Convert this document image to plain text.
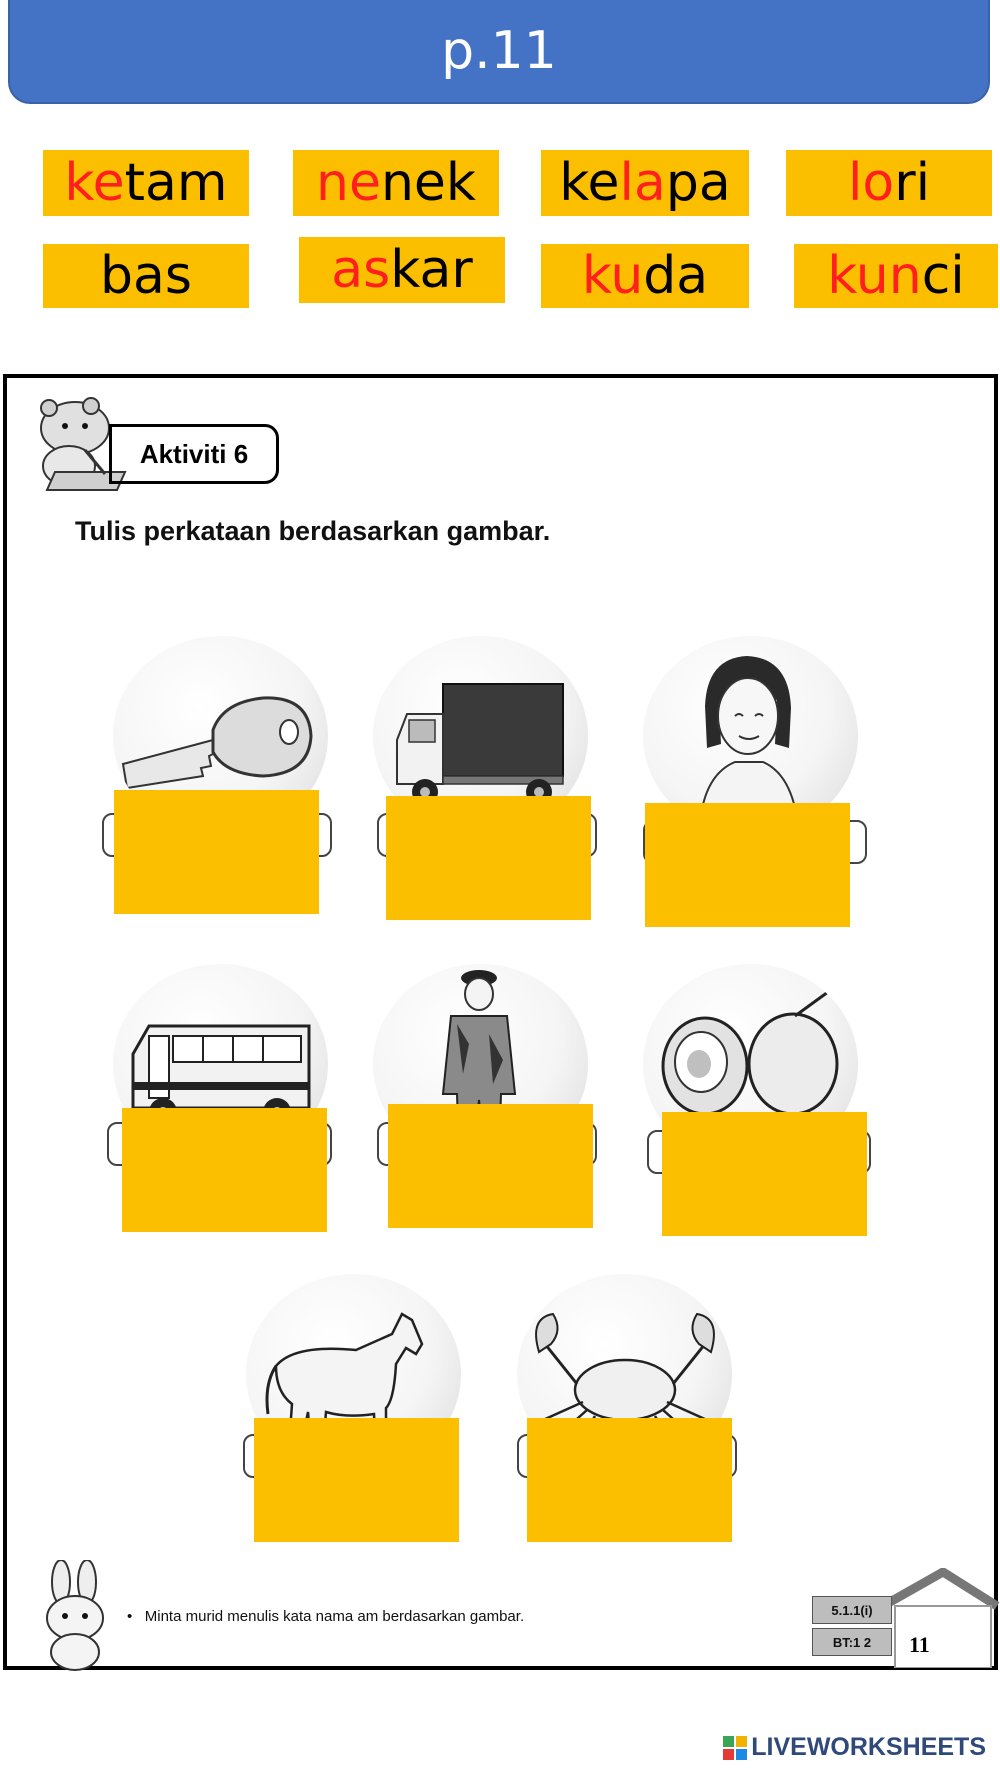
p.11
ke tam ne nek ke la pa lo ri
bas	as kar ku da kun ci
Aktiviti 6
Tulis perkataan berdasarkan gambar.
•   Minta murid menulis kata nama am berdasarkan gambar.	5.1.1(i)
BT:1 2	11
LIVEWORKSHEETS
